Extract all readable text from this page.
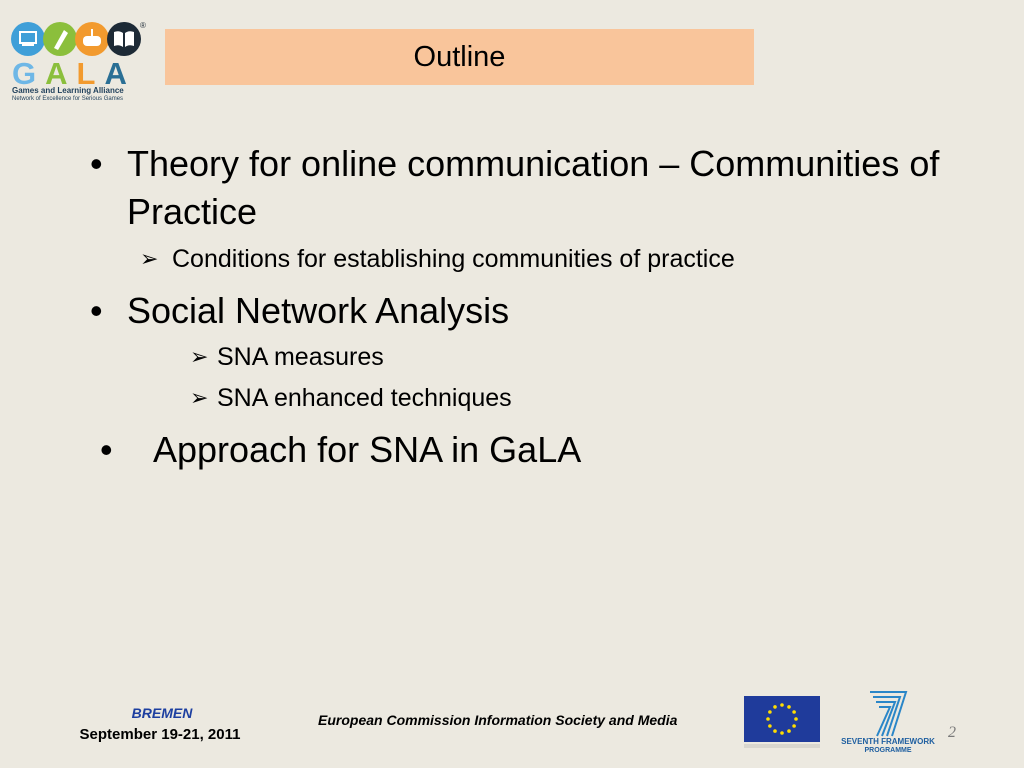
®
GALA
Games and Learning Alliance
Network of Excellence for Serious Games
Outline
• Theory for online communication – Communities of Practice
➢ Conditions for establishing communities of practice
• Social Network Analysis
➢ SNA measures
➢ SNA enhanced techniques
• Approach for SNA in GaLA
BREMEN
September 19-21, 2011
European Commission Information Society and Media
SEVENTH FRAMEWORK
PROGRAMME
2
